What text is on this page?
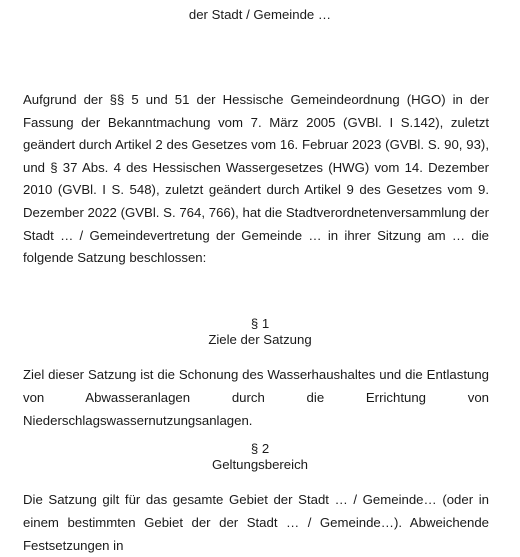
der Stadt / Gemeinde …

Aufgrund der §§ 5 und 51 der Hessische Gemeindeordnung (HGO) in der Fassung der Bekanntmachung vom 7. März 2005 (GVBl. I S.142), zuletzt geändert durch Artikel 2 des Gesetzes vom 16. Februar 2023 (GVBl. S. 90, 93), und § 37 Abs. 4 des Hessischen Wassergesetzes (HWG) vom 14. Dezember 2010 (GVBl. I S. 548), zuletzt geändert durch Artikel 9 des Gesetzes vom 9. Dezember 2022 (GVBl. S. 764, 766), hat die Stadtverordnetenversammlung der Stadt … / Gemeindevertretung der Gemeinde … in ihrer Sitzung am … die folgende Satzung beschlossen:

§ 1
Ziele der Satzung

Ziel dieser Satzung ist die Schonung des Wasserhaushaltes und die Entlastung von Abwasseranlagen durch die Errichtung von Niederschlagswassernutzungsanlagen.

§ 2
Geltungsbereich

Die Satzung gilt für das gesamte Gebiet der Stadt … / Gemeinde… (oder in einem bestimmten Gebiet der der Stadt … / Gemeinde…). Abweichende Festsetzungen in
